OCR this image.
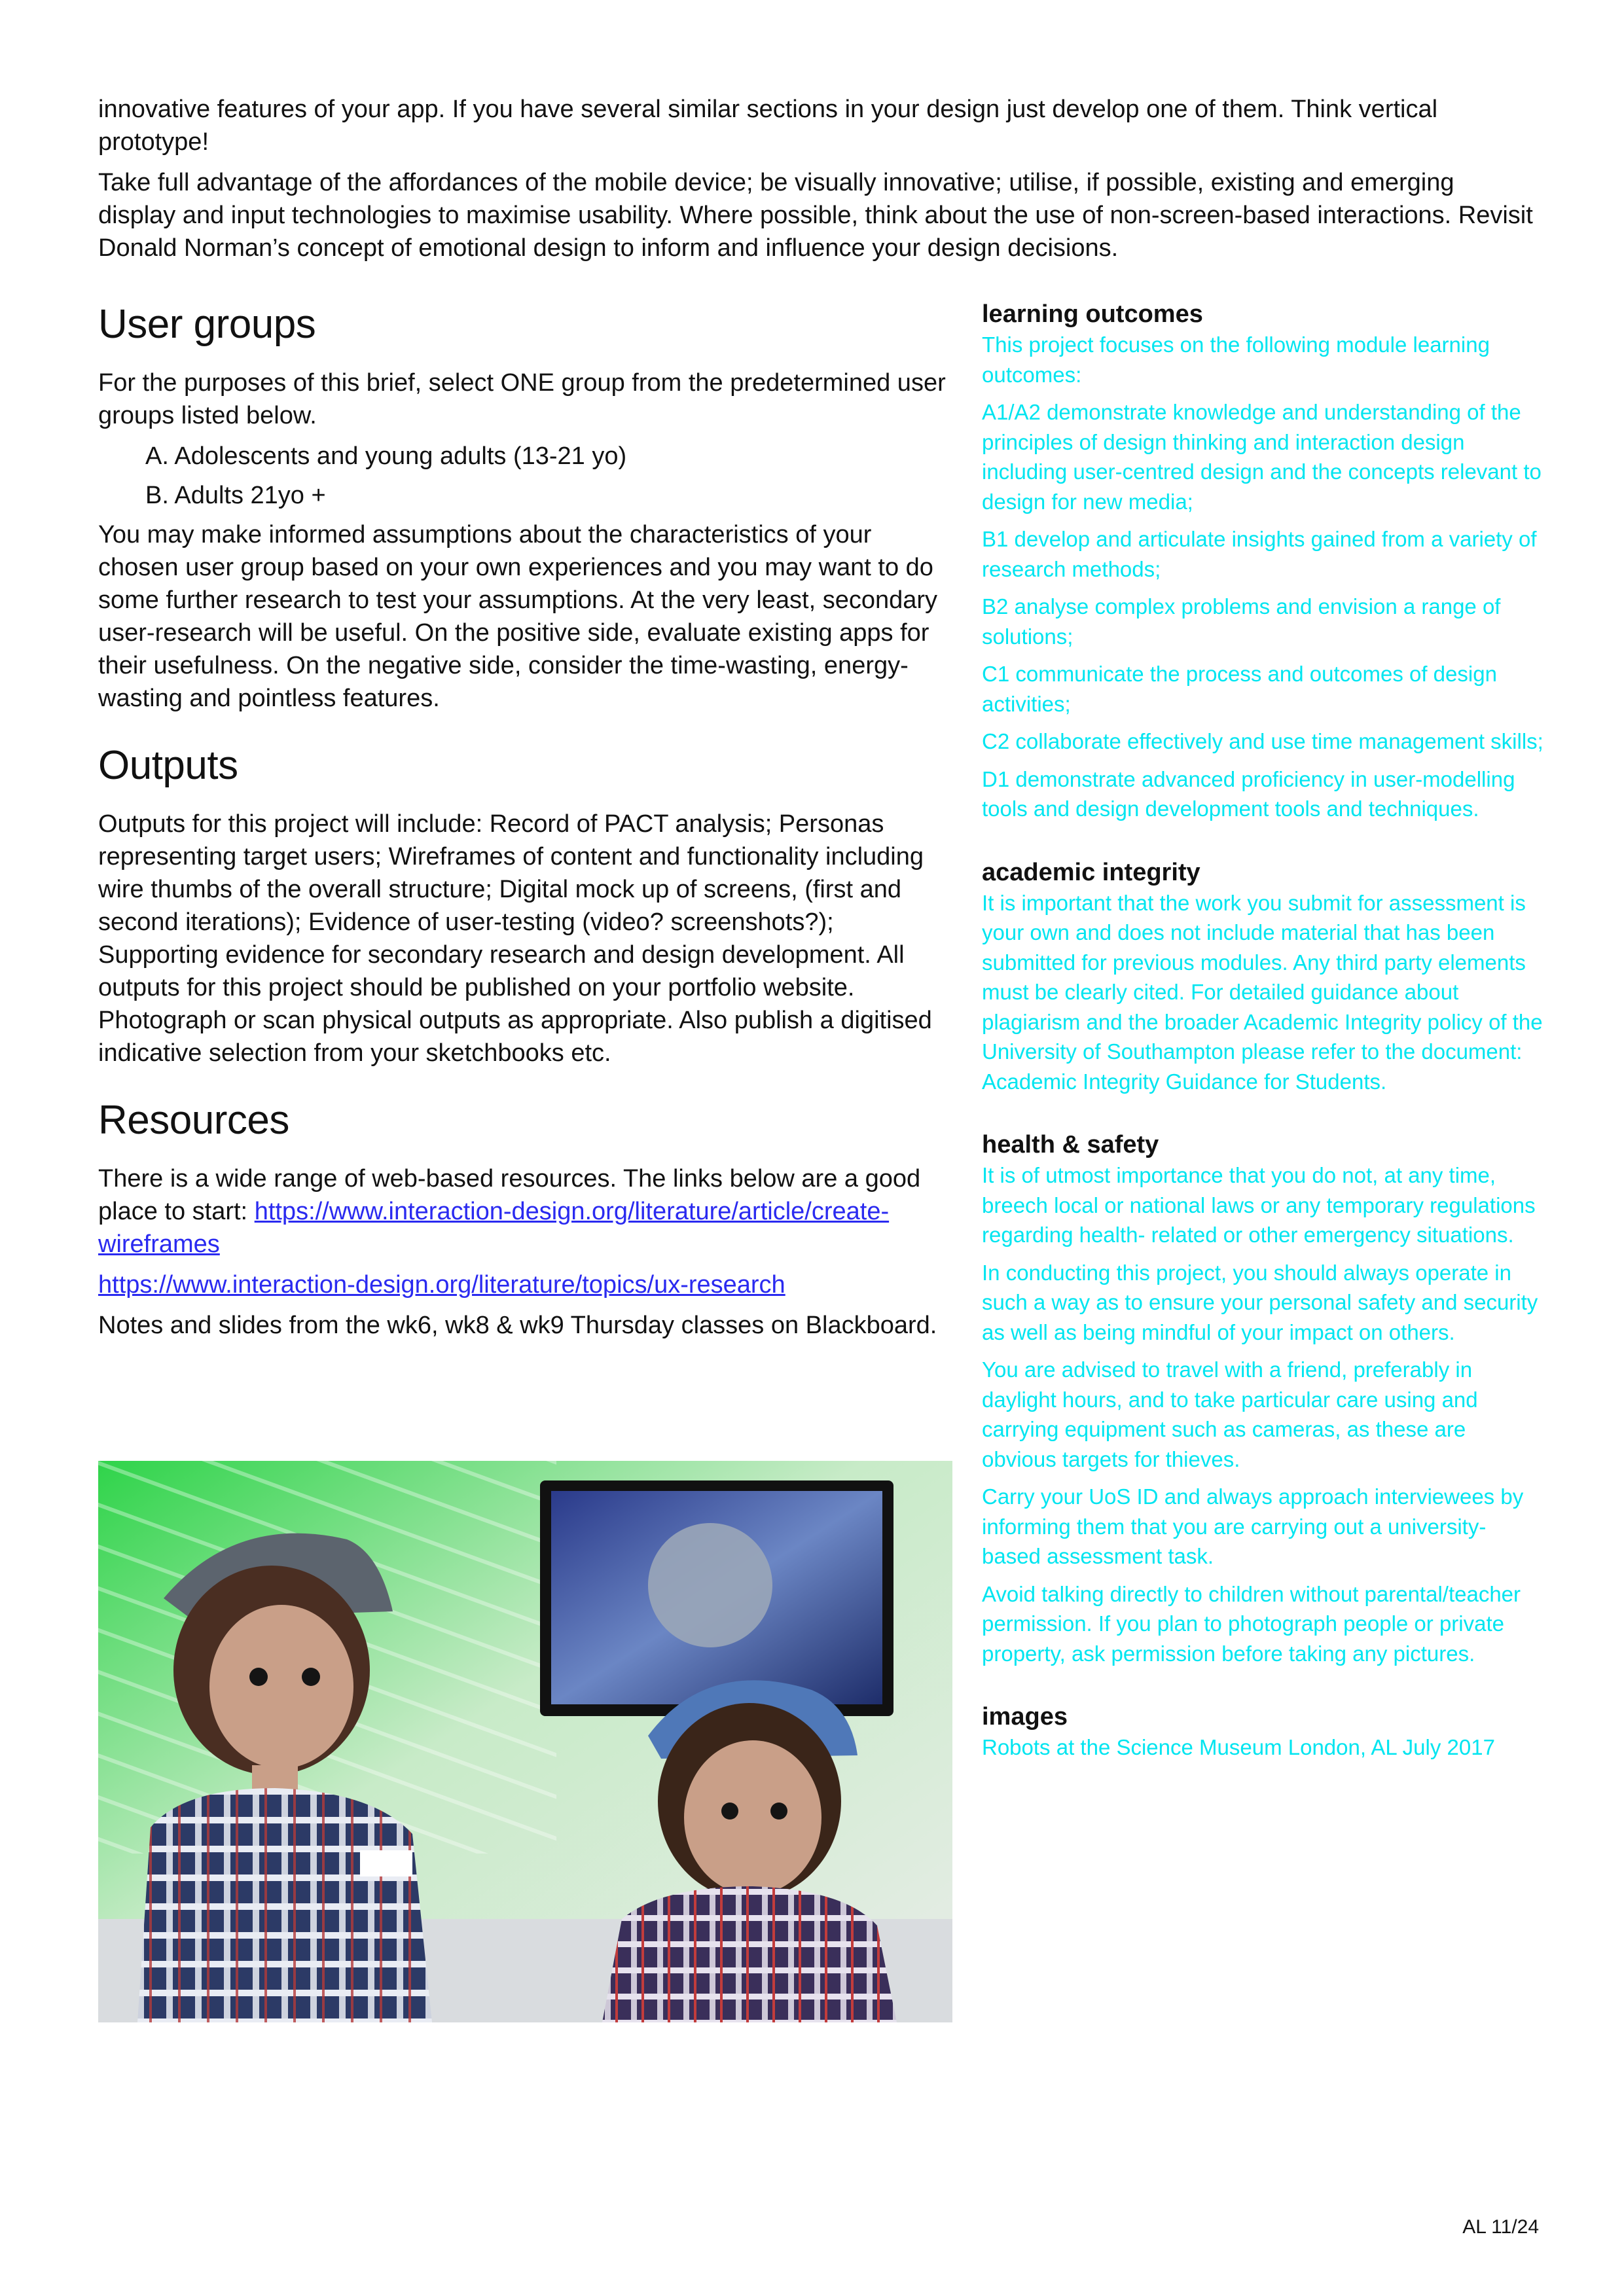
innovative features of your app. If you have several similar sections in your design just develop one of them. Think vertical prototype!

Take full advantage of the affordances of the mobile device; be visually innovative; utilise, if possible, existing and emerging display and input technologies to maximise usability. Where possible, think about the use of non-screen-based interactions. Revisit Donald Norman’s concept of emotional design to inform and influence your design decisions.

User groups

For the purposes of this brief, select ONE group from the predetermined user groups listed below.

A. Adolescents and young adults (13-21 yo)
B. Adults 21yo +

You may make informed assumptions about the characteristics of your chosen user group based on your own experiences and you may want to do some further research to test your assumptions. At the very least, secondary user-research will be useful. On the positive side, evaluate existing apps for their usefulness. On the negative side, consider the time-wasting, energy-wasting and pointless features.

Outputs

Outputs for this project will include: Record of PACT analysis; Personas representing target users; Wireframes of content and functionality including wire thumbs of the overall structure; Digital mock up of screens, (first and second iterations); Evidence of user-testing (video? screenshots?); Supporting evidence for secondary research and design development. All outputs for this project should be published on your portfolio website. Photograph or scan physical outputs as appropriate. Also publish a digitised indicative selection from your sketchbooks etc.

Resources

There is a wide range of web-based resources. The links below are a good place to start: https://www.interaction-design.org/literature/article/create-wireframes

https://www.interaction-design.org/literature/topics/ux-research

Notes and slides from the wk6, wk8 & wk9 Thursday classes on Blackboard.

learning outcomes

This project focuses on the following module learning outcomes:

A1/A2 demonstrate knowledge and understanding of the principles of design thinking and interaction design including user-centred design and the concepts relevant to design for new media;

B1 develop and articulate insights gained from a variety of research methods;

B2 analyse complex problems and envision a range of solutions;

C1 communicate the process and outcomes of design activities;

C2 collaborate effectively and use time management skills;

D1 demonstrate advanced proficiency in user-modelling tools and design development tools and techniques.

academic integrity

It is important that the work you submit for assessment is your own and does not include material that has been submitted for previous modules. Any third party elements must be clearly cited. For detailed guidance about plagiarism and the broader Academic Integrity policy of the University of Southampton please refer to the document: Academic Integrity Guidance for Students.

health & safety

It is of utmost importance that you do not, at any time, breech local or national laws or any temporary regulations regarding health- related or other emergency situations.

In conducting this project, you should always operate in such a way as to ensure your personal safety and security as well as being mindful of your impact on others.

You are advised to travel with a friend, preferably in daylight hours, and to take particular care using and carrying equipment such as cameras, as these are obvious targets for thieves.

Carry your UoS ID and always approach interviewees by informing them that you are carrying out a university-based assessment task.

Avoid talking directly to children without parental/teacher permission. If you plan to photograph people or private property, ask permission before taking any pictures.

images

Robots at the Science Museum London, AL July 2017

AL 11/24
